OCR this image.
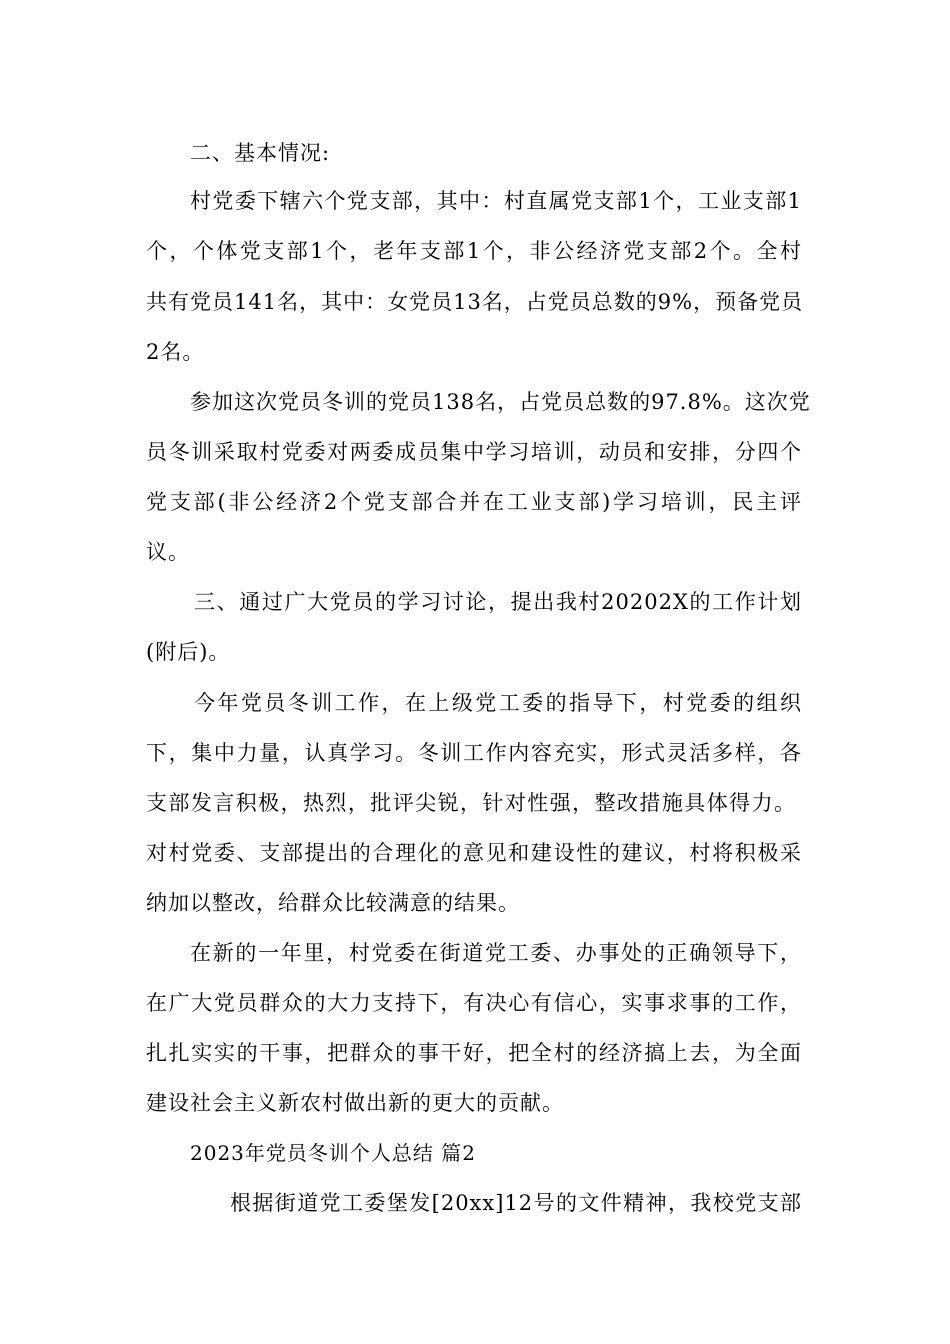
二、基本情况:
村党委下辖六个党支部，其中：村直属党支部1个，工业支部1
个，个体党支部1个，老年支部1个，非公经济党支部2个。全村
共有党员141名，其中：女党员13名，占党员总数的9%，预备党员
2名。
参加这次党员冬训的党员138名，占党员总数的97.8%。这次党
员冬训采取村党委对两委成员集中学习培训，动员和安排，分四个
党支部(非公经济2个党支部合并在工业支部)学习培训，民主评
议。
三、通过广大党员的学习讨论，提出我村20202X的工作计划
(附后)。
今年党员冬训工作，在上级党工委的指导下，村党委的组织
下，集中力量，认真学习。冬训工作内容充实，形式灵活多样，各
支部发言积极，热烈，批评尖锐，针对性强，整改措施具体得力。
对村党委、支部提出的合理化的意见和建设性的建议，村将积极采
纳加以整改，给群众比较满意的结果。
在新的一年里，村党委在街道党工委、办事处的正确领导下，
在广大党员群众的大力支持下，有决心有信心，实事求事的工作，
扎扎实实的干事，把群众的事干好，把全村的经济搞上去，为全面
建设社会主义新农村做出新的更大的贡献。
2023年党员冬训个人总结 篇2
根据街道党工委堡发[20xx]12号的文件精神，我校党支部
